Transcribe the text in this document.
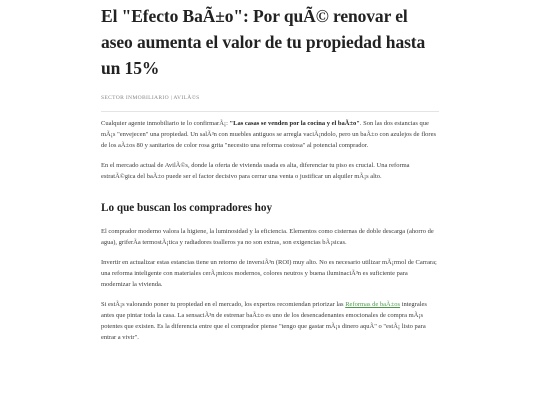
El "Efecto BaÃ±o": Por quÃ© renovar el aseo aumenta el valor de tu propiedad hasta un 15%
SECTOR INMOBILIARIO | AVILÃ©S

Cualquier agente inmobiliario te lo confirmarÃ¡: "Las casas se venden por la cocina y el baÃ±o". Son las dos estancias que mÃ¡s "envejecen" una propiedad. Un salÃ³n con muebles antiguos se arregla vaciÃ¡ndolo, pero un baÃ±o con azulejos de flores de los aÃ±os 80 y sanitarios de color rosa grita "necesito una reforma costosa" al potencial comprador.

En el mercado actual de AvilÃ©s, donde la oferta de vivienda usada es alta, diferenciar tu piso es crucial. Una reforma estratÃ©gica del baÃ±o puede ser el factor decisivo para cerrar una venta o justificar un alquiler mÃ¡s alto.

Lo que buscan los compradores hoy

El comprador moderno valora la higiene, la luminosidad y la eficiencia. Elementos como cisternas de doble descarga (ahorro de agua), griferÃa termostÃ¡tica y radiadores toalleros ya no son extras, son exigencias bÃ¡sicas.

Invertir en actualizar estas estancias tiene un retorno de inversiÃ³n (ROI) muy alto. No es necesario utilizar mÃ¡rmol de Carrara; una reforma inteligente con materiales cerÃ¡micos modernos, colores neutros y buena iluminaciÃ³n es suficiente para modernizar la vivienda.

Si estÃ¡s valorando poner tu propiedad en el mercado, los expertos recomiendan priorizar las Reformas de baÃ±os integrales antes que pintar toda la casa. La sensaciÃ³n de estrenar baÃ±o es uno de los desencadenantes emocionales de compra mÃ¡s potentes que existen. Es la diferencia entre que el comprador piense "tengo que gastar mÃ¡s dinero aquÃ" o "estÃ¡ listo para entrar a vivir".
